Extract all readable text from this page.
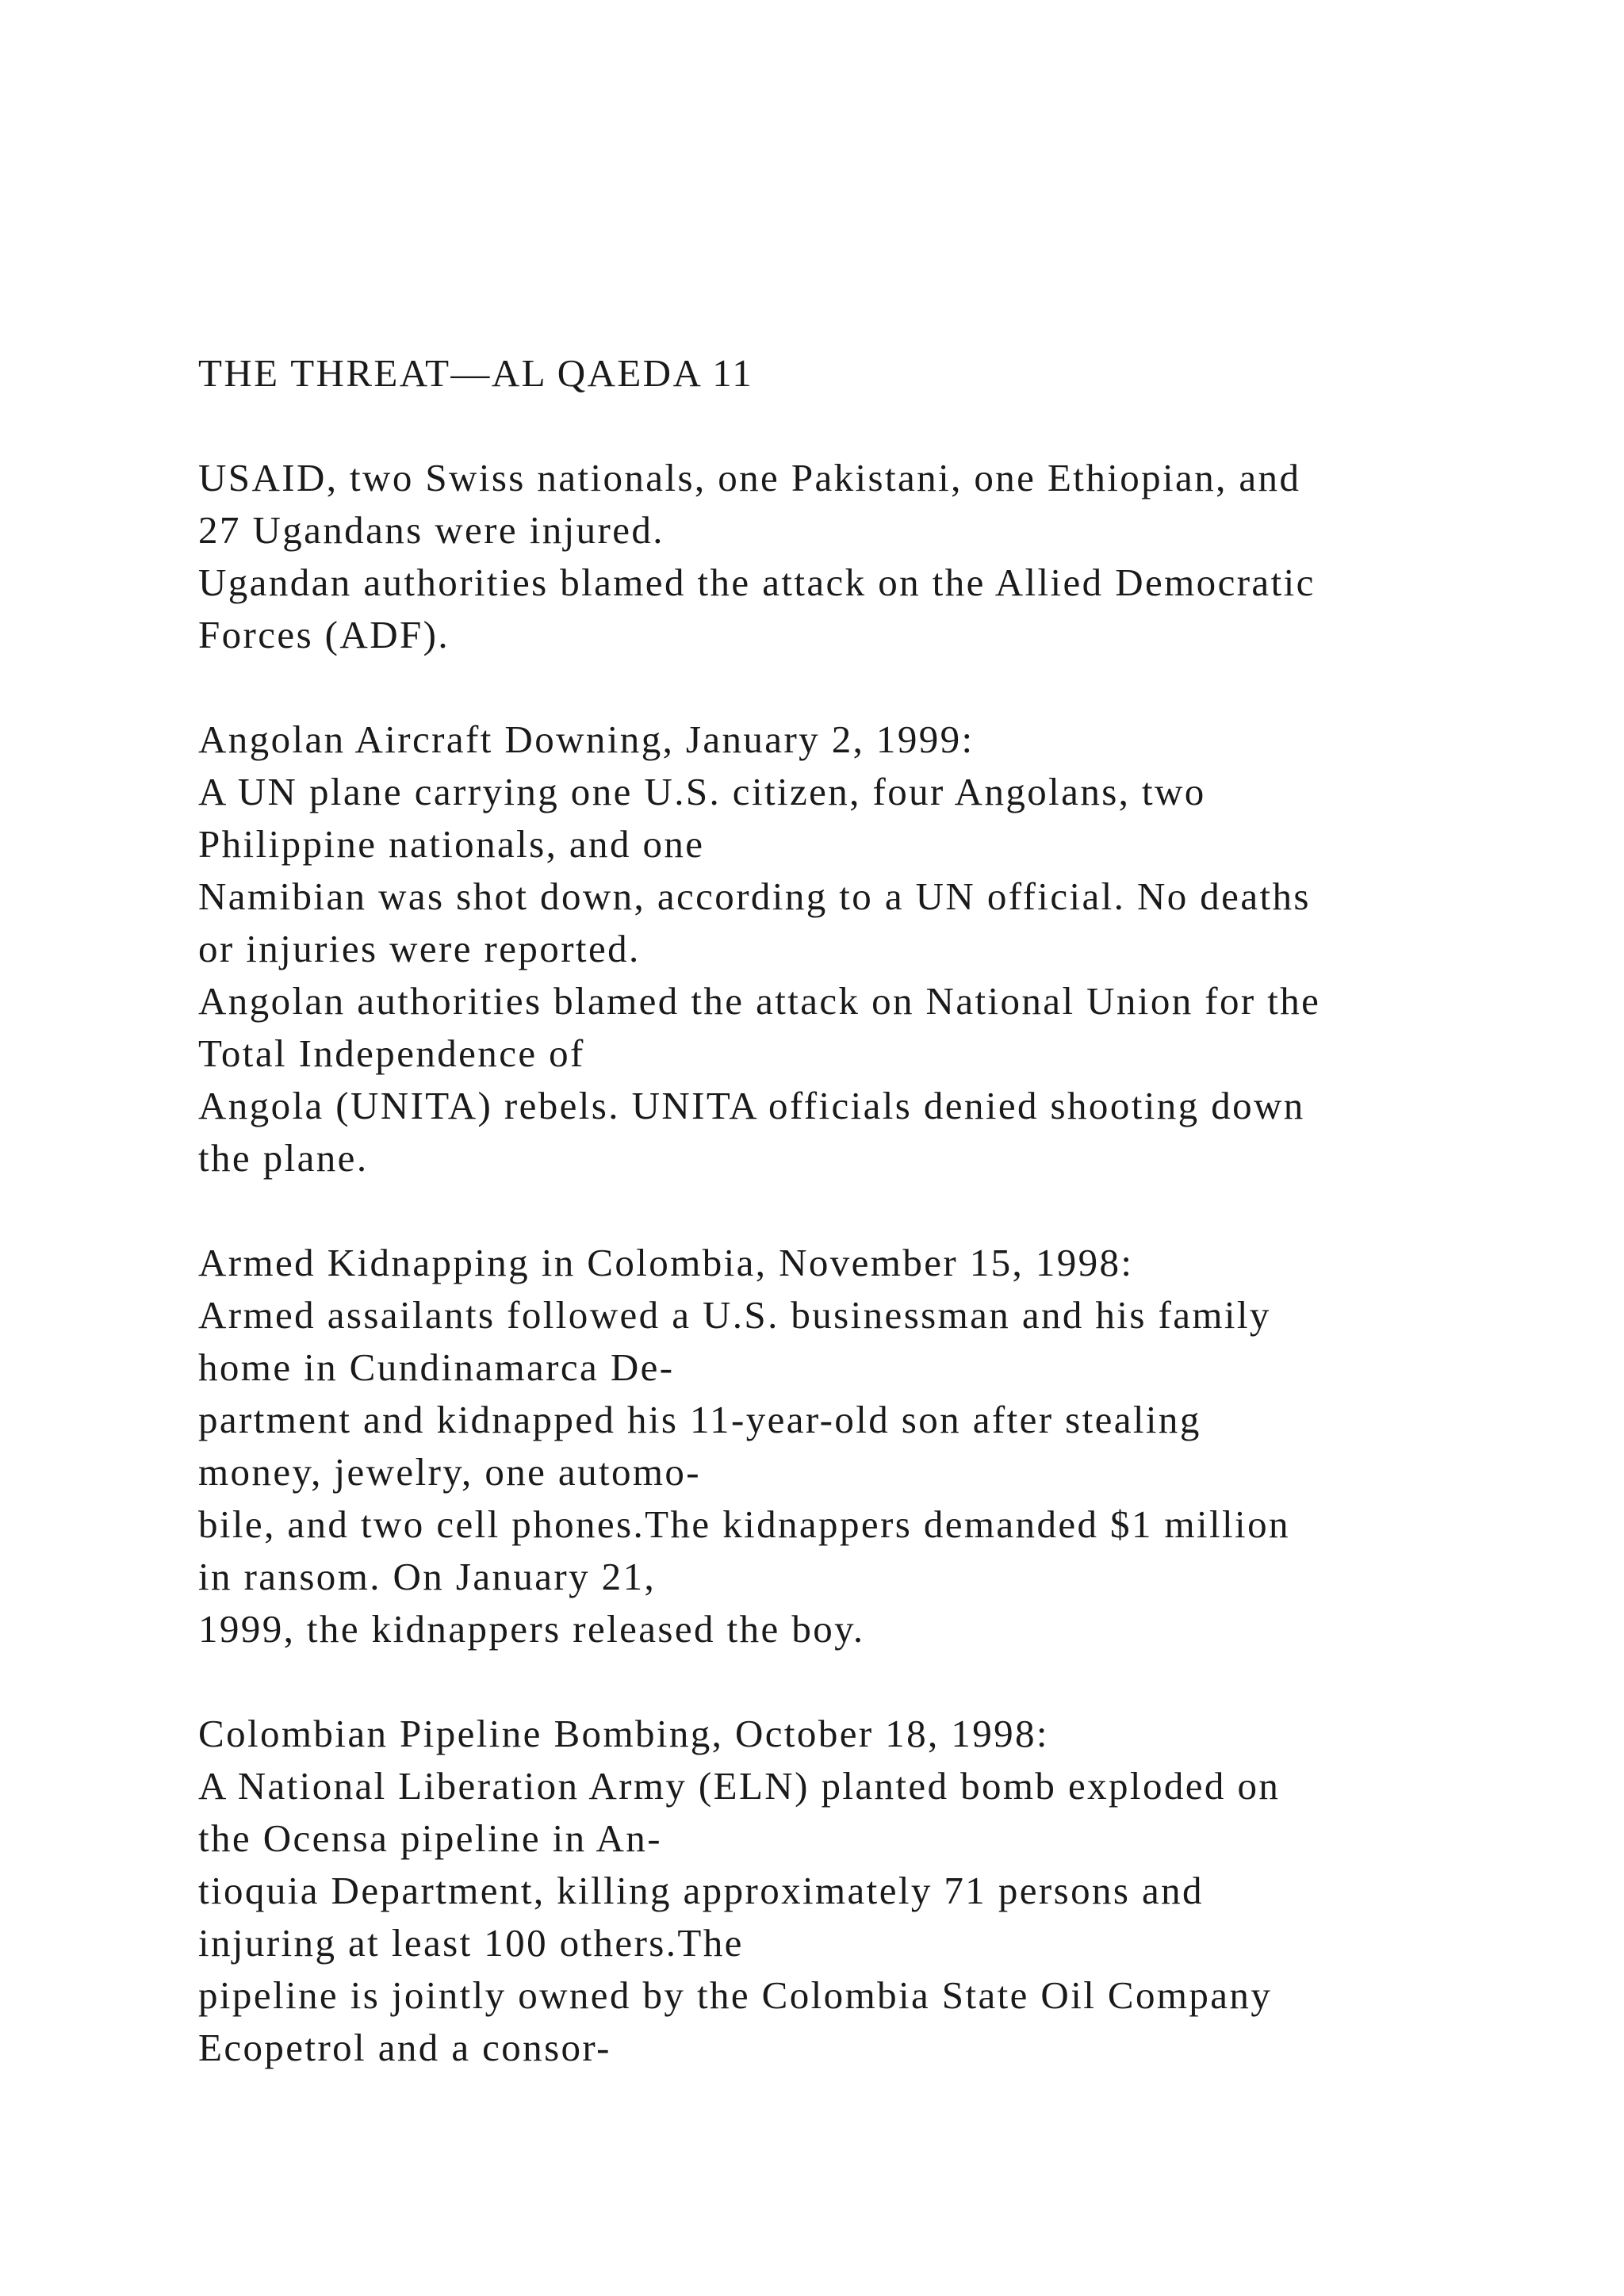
THE THREAT—AL QAEDA 11
USAID, two Swiss nationals, one Pakistani, one Ethiopian, and
27 Ugandans were injured.
Ugandan authorities blamed the attack on the Allied Democratic
Forces (ADF).
Angolan Aircraft Downing, January 2, 1999:
A UN plane carrying one U.S. citizen, four Angolans, two
Philippine nationals, and one
Namibian was shot down, according to a UN official. No deaths
or injuries were reported.
Angolan authorities blamed the attack on National Union for the
Total Independence of
Angola (UNITA) rebels. UNITA officials denied shooting down
the plane.
Armed Kidnapping in Colombia, November 15, 1998:
Armed assailants followed a U.S. businessman and his family
home in Cundinamarca De-
partment and kidnapped his 11-year-old son after stealing
money, jewelry, one automo-
bile, and two cell phones.The kidnappers demanded $1 million
in ransom. On January 21,
1999, the kidnappers released the boy.
Colombian Pipeline Bombing, October 18, 1998:
A National Liberation Army (ELN) planted bomb exploded on
the Ocensa pipeline in An-
tioquia Department, killing approximately 71 persons and
injuring at least 100 others.The
pipeline is jointly owned by the Colombia State Oil Company
Ecopetrol and a consor-
